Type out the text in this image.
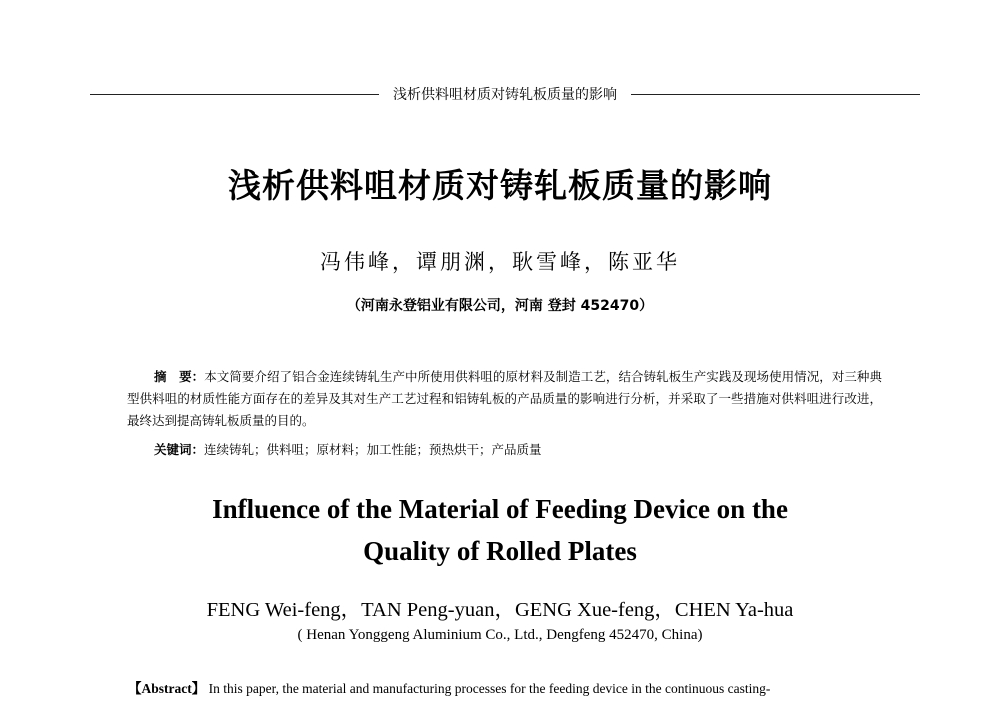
浅析供料咀材质对铸轧板质量的影响
浅析供料咀材质对铸轧板质量的影响
冯伟峰，谭朋渊，耿雪峰，陈亚华
（河南永登铝业有限公司，河南 登封 452470）
摘　要：本文简要介绍了铝合金连续铸轧生产中所使用供料咀的原材料及制造工艺，结合铸轧板生产实践及现场使用情况，对三种典型供料咀的材质性能方面存在的差异及其对生产工艺过程和铝铸轧板的产品质量的影响进行分析，并采取了一些措施对供料咀进行改进，最终达到提高铸轧板质量的目的。
关键词：连续铸轧；供料咀；原材料；加工性能；预热烘干；产品质量
Influence of the Material of Feeding Device on the
Quality of Rolled Plates
FENG Wei-feng，TAN Peng-yuan，GENG Xue-feng，CHEN Ya-hua
( Henan Yonggeng Aluminium Co., Ltd., Dengfeng 452470, China)
【Abstract】 In this paper, the material and manufacturing processes for the feeding device in the continuous casting-
